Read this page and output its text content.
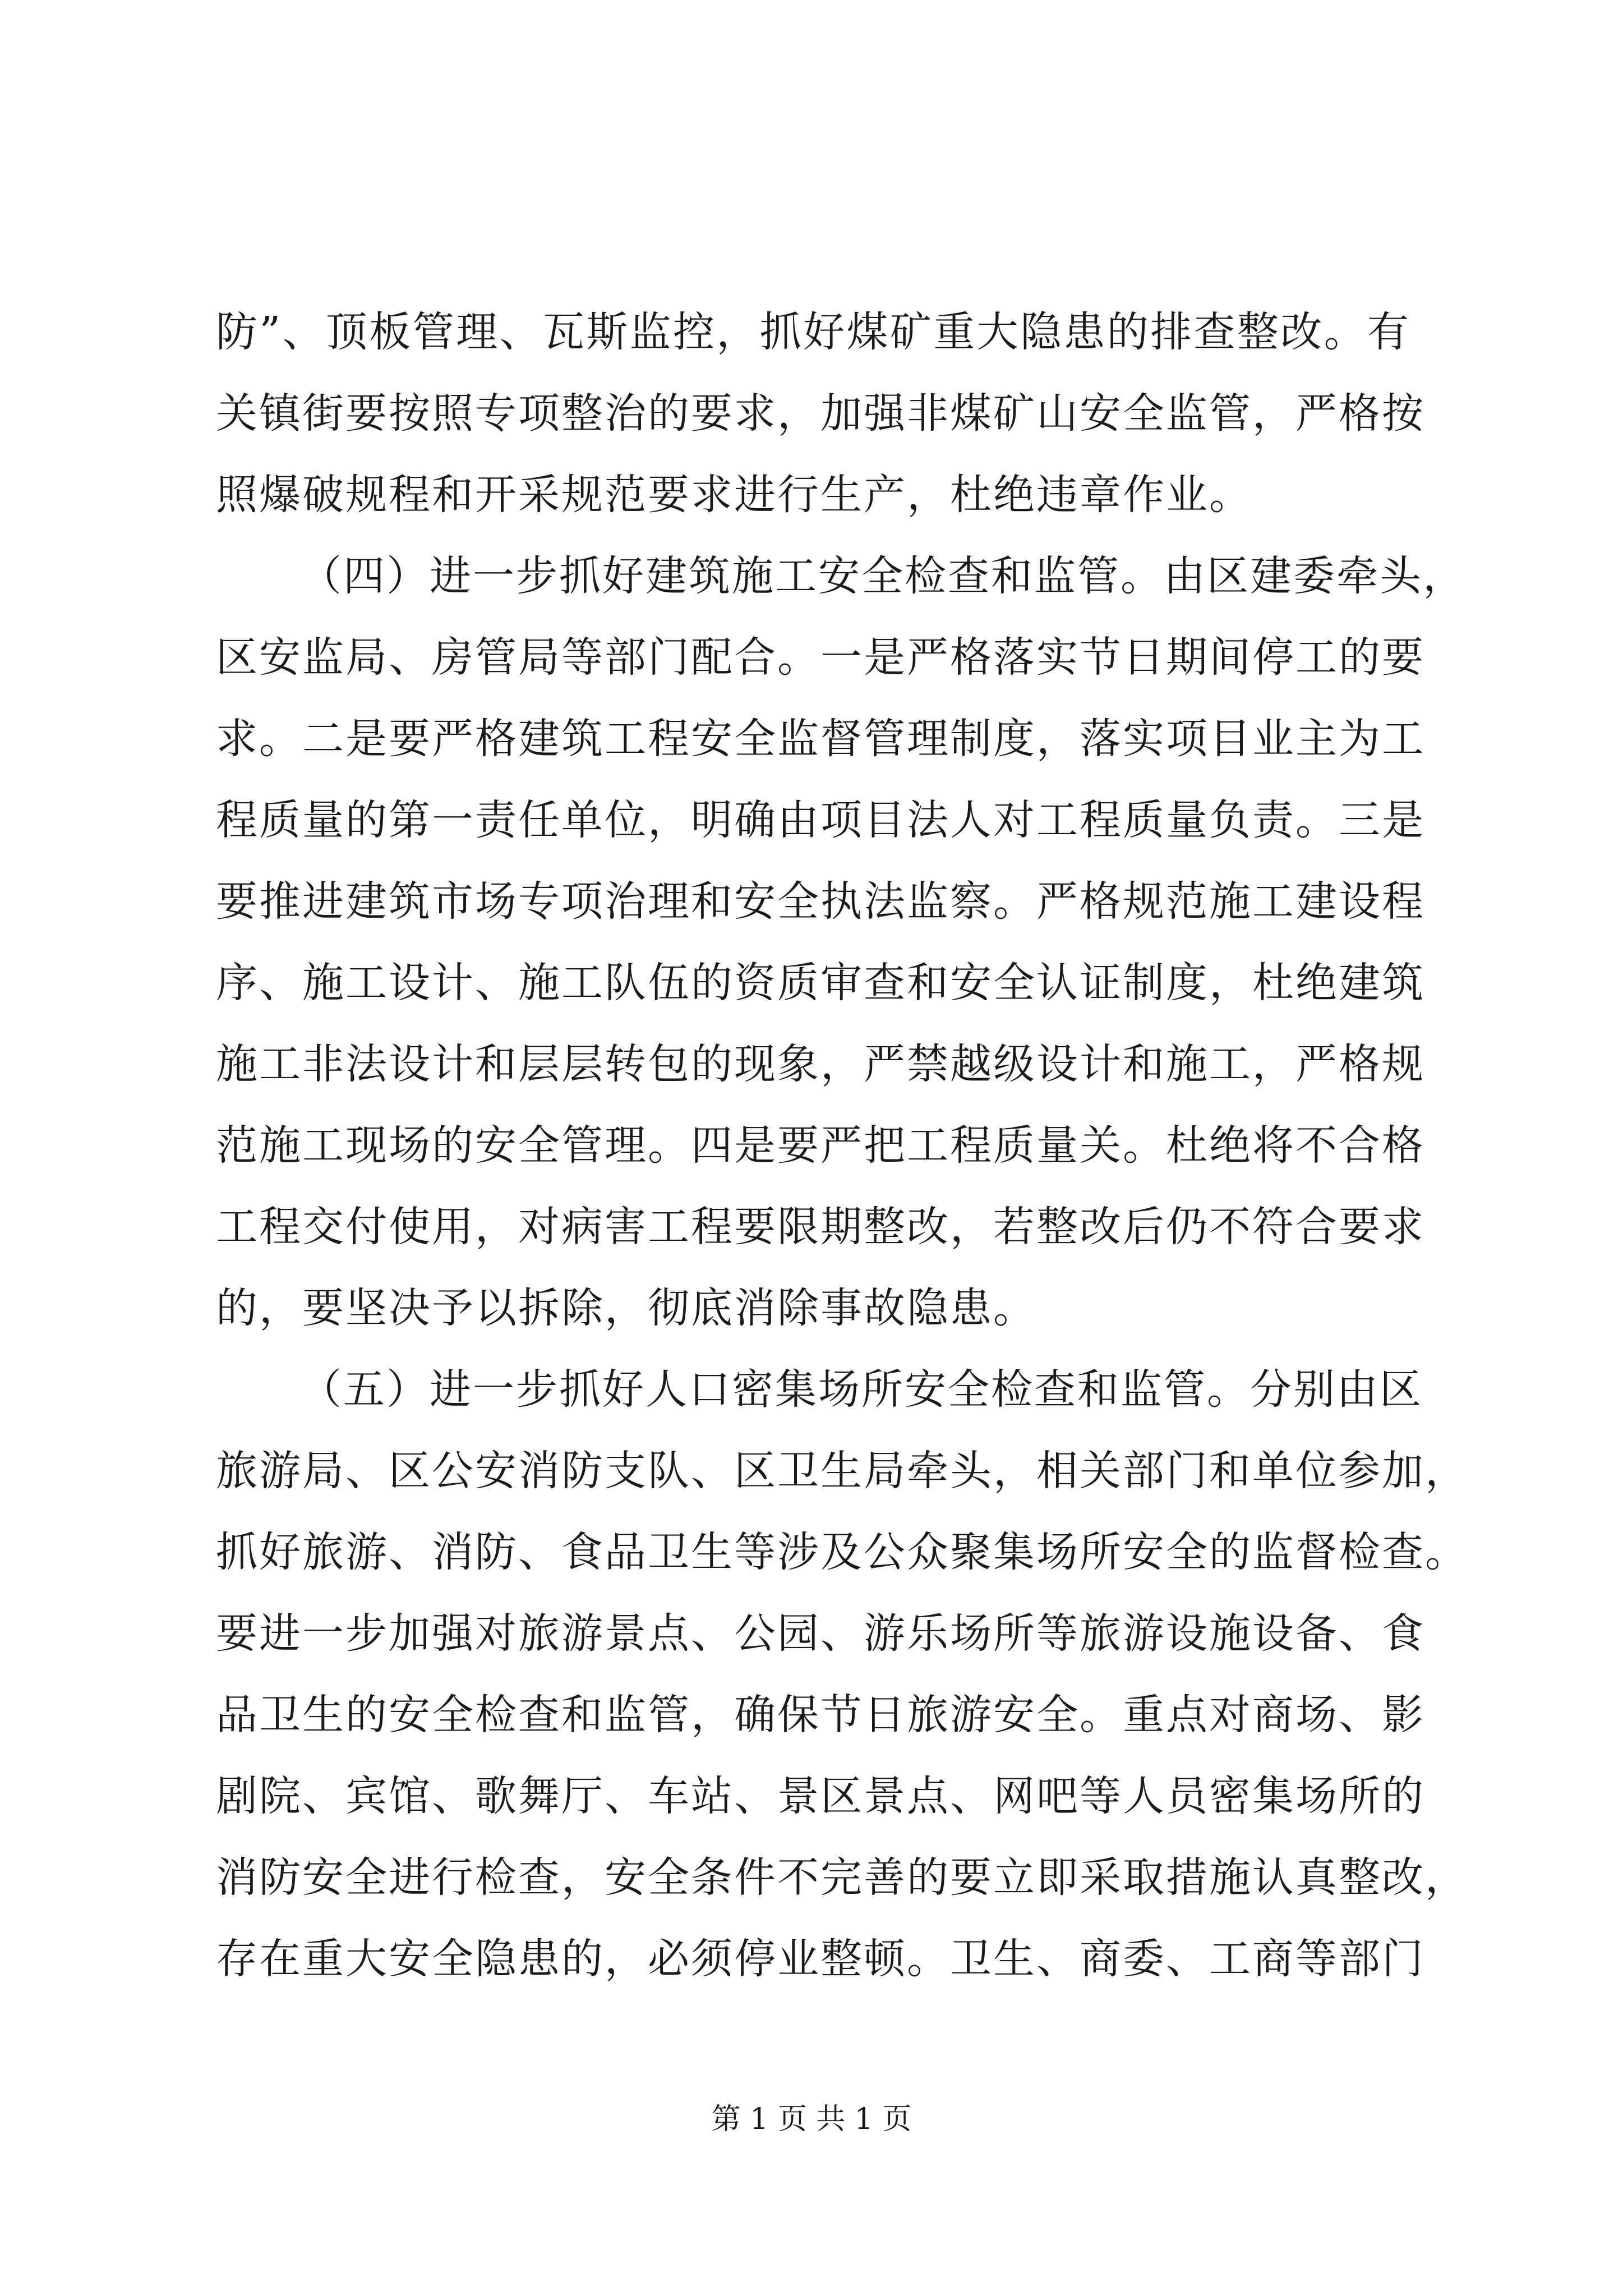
防”、顶板管理、瓦斯监控，抓好煤矿重大隐患的排查整改。有
关镇街要按照专项整治的要求，加强非煤矿山安全监管，严格按
照爆破规程和开采规范要求进行生产，杜绝违章作业。
（四）进一步抓好建筑施工安全检查和监管。由区建委牵头，
区安监局、房管局等部门配合。一是严格落实节日期间停工的要
求。二是要严格建筑工程安全监督管理制度，落实项目业主为工
程质量的第一责任单位，明确由项目法人对工程质量负责。三是
要推进建筑市场专项治理和安全执法监察。严格规范施工建设程
序、施工设计、施工队伍的资质审查和安全认证制度，杜绝建筑
施工非法设计和层层转包的现象，严禁越级设计和施工，严格规
范施工现场的安全管理。四是要严把工程质量关。杜绝将不合格
工程交付使用，对病害工程要限期整改，若整改后仍不符合要求
的，要坚决予以拆除，彻底消除事故隐患。
（五）进一步抓好人口密集场所安全检查和监管。分别由区
旅游局、区公安消防支队、区卫生局牵头，相关部门和单位参加，
抓好旅游、消防、食品卫生等涉及公众聚集场所安全的监督检查。
要进一步加强对旅游景点、公园、游乐场所等旅游设施设备、食
品卫生的安全检查和监管，确保节日旅游安全。重点对商场、影
剧院、宾馆、歌舞厅、车站、景区景点、网吧等人员密集场所的
消防安全进行检查，安全条件不完善的要立即采取措施认真整改，
存在重大安全隐患的，必须停业整顿。卫生、商委、工商等部门
第 1 页 共 1 页
